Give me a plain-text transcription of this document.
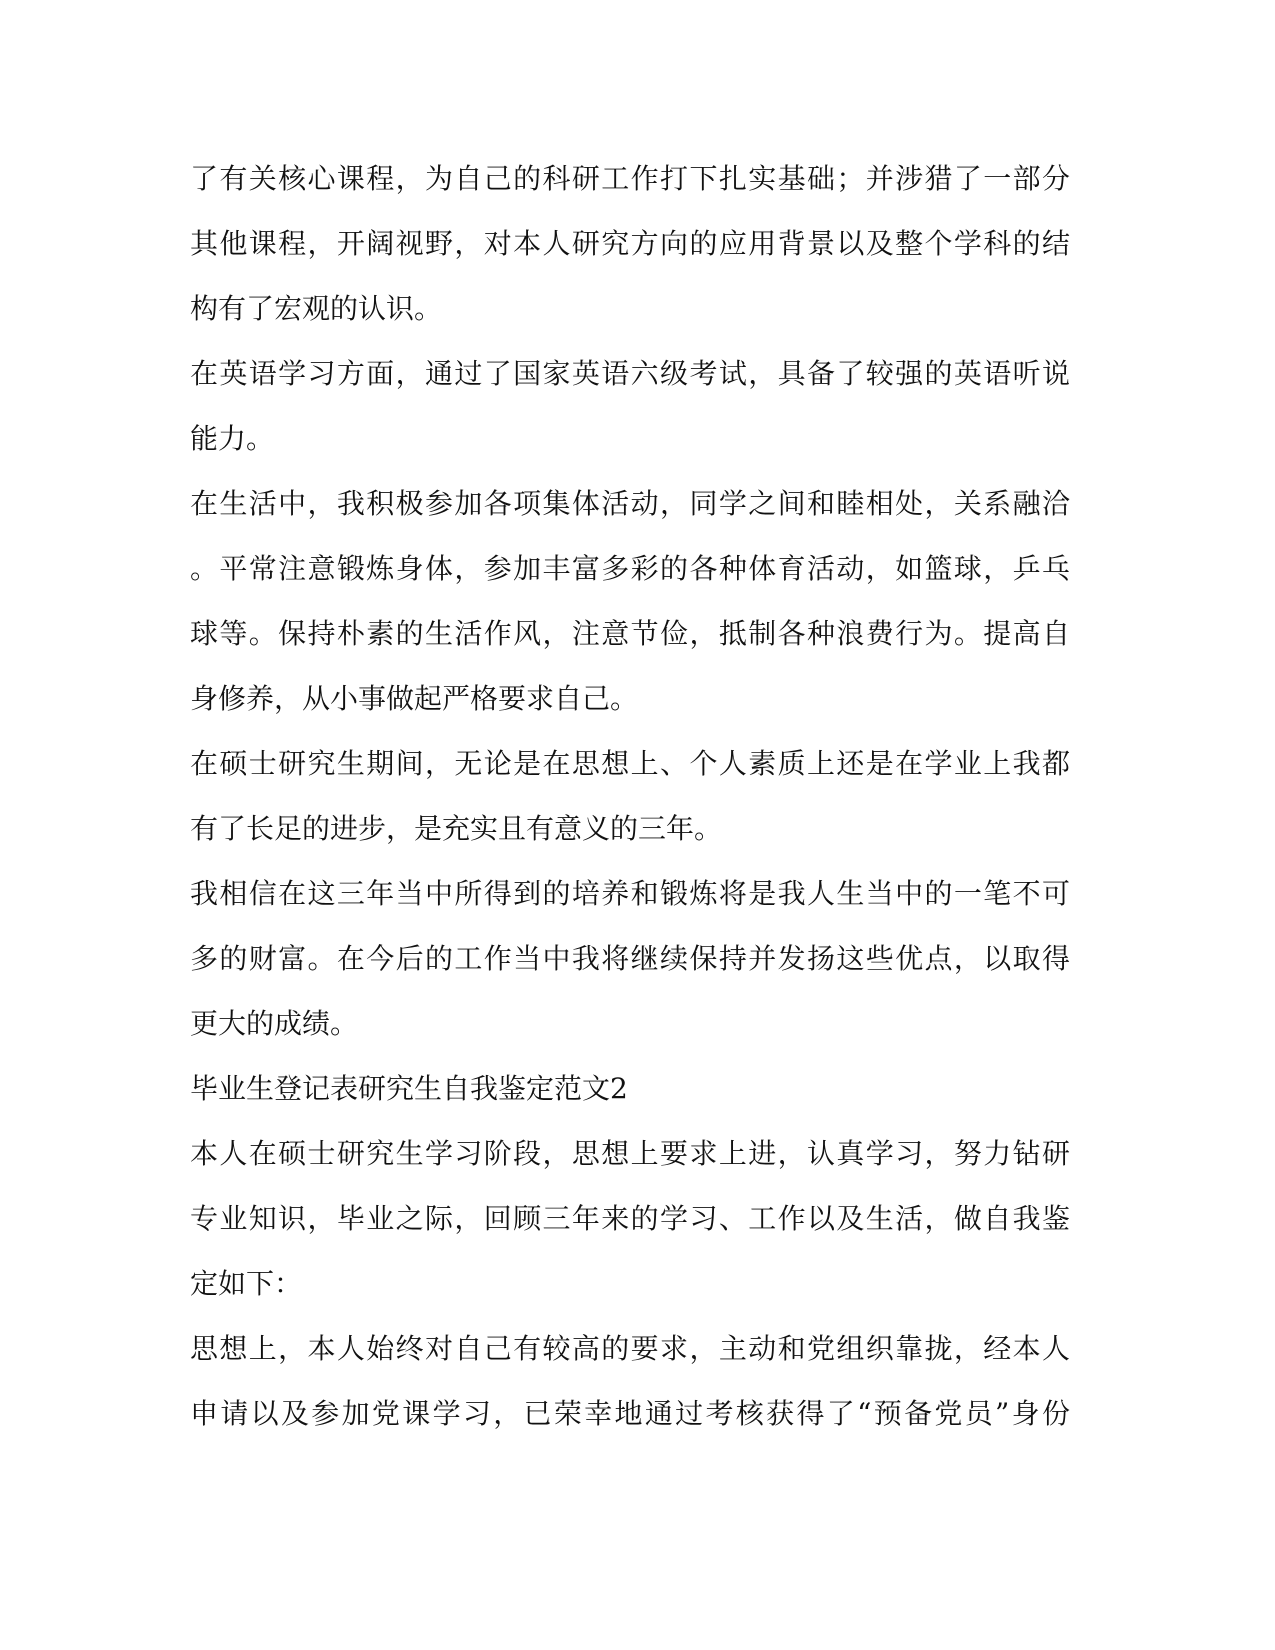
了有关核心课程，为自己的科研工作打下扎实基础；并涉猎了一部分
其他课程，开阔视野，对本人研究方向的应用背景以及整个学科的结
构有了宏观的认识。
在英语学习方面，通过了国家英语六级考试，具备了较强的英语听说
能力。
在生活中，我积极参加各项集体活动，同学之间和睦相处，关系融洽
。平常注意锻炼身体，参加丰富多彩的各种体育活动，如篮球，乒乓
球等。保持朴素的生活作风，注意节俭，抵制各种浪费行为。提高自
身修养，从小事做起严格要求自己。
在硕士研究生期间，无论是在思想上、个人素质上还是在学业上我都
有了长足的进步，是充实且有意义的三年。
我相信在这三年当中所得到的培养和锻炼将是我人生当中的一笔不可
多的财富。在今后的工作当中我将继续保持并发扬这些优点，以取得
更大的成绩。
毕业生登记表研究生自我鉴定范文2
本人在硕士研究生学习阶段，思想上要求上进，认真学习，努力钻研
专业知识，毕业之际，回顾三年来的学习、工作以及生活，做自我鉴
定如下：
思想上，本人始终对自己有较高的要求，主动和党组织靠拢，经本人
申请以及参加党课学习，已荣幸地通过考核获得了“预备党员”身份
